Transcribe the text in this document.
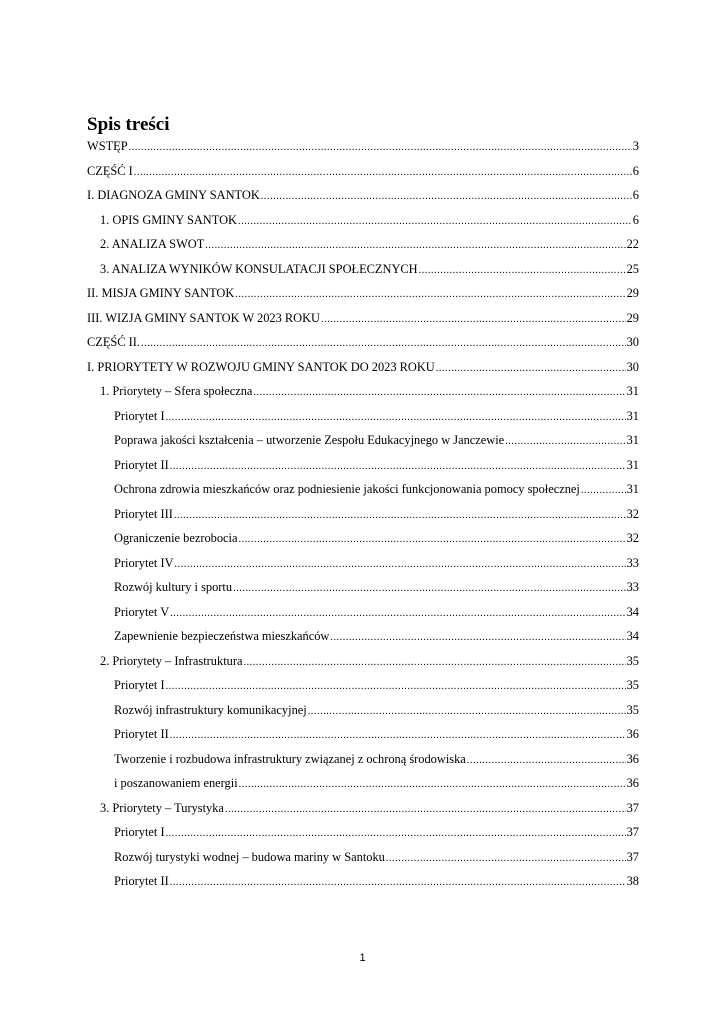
Spis treści
WSTĘP .....	3
CZĘŚĆ I .....	6
I. DIAGNOZA GMINY SANTOK .....	6
1. OPIS GMINY SANTOK .....	6
2. ANALIZA SWOT .....	22
3. ANALIZA WYNIKÓW KONSULATACJI SPOŁECZNYCH .....	25
II. MISJA GMINY SANTOK .....	29
III. WIZJA GMINY SANTOK W 2023 ROKU .....	29
CZĘŚĆ II. .....	30
I. PRIORYTETY W ROZWOJU GMINY SANTOK DO 2023 ROKU .....	30
1. Priorytety – Sfera społeczna .....	31
Priorytet I .....	31
Poprawa jakości kształcenia – utworzenie Zespołu Edukacyjnego w Janczewie .....	31
Priorytet II .....	31
Ochrona zdrowia mieszkańców oraz podniesienie jakości funkcjonowania pomocy społecznej .....	31
Priorytet III .....	32
Ograniczenie bezrobocia .....	32
Priorytet IV .....	33
Rozwój kultury i sportu .....	33
Priorytet V .....	34
Zapewnienie bezpieczeństwa mieszkańców .....	34
2. Priorytety – Infrastruktura .....	35
Priorytet I .....	35
Rozwój infrastruktury komunikacyjnej .....	35
Priorytet II .....	36
Tworzenie i rozbudowa infrastruktury związanej z ochroną środowiska .....	36
i poszanowaniem energii .....	36
3. Priorytety – Turystyka .....	37
Priorytet I .....	37
Rozwój turystyki wodnej – budowa mariny w Santoku .....	37
Priorytet II .....	38
1
